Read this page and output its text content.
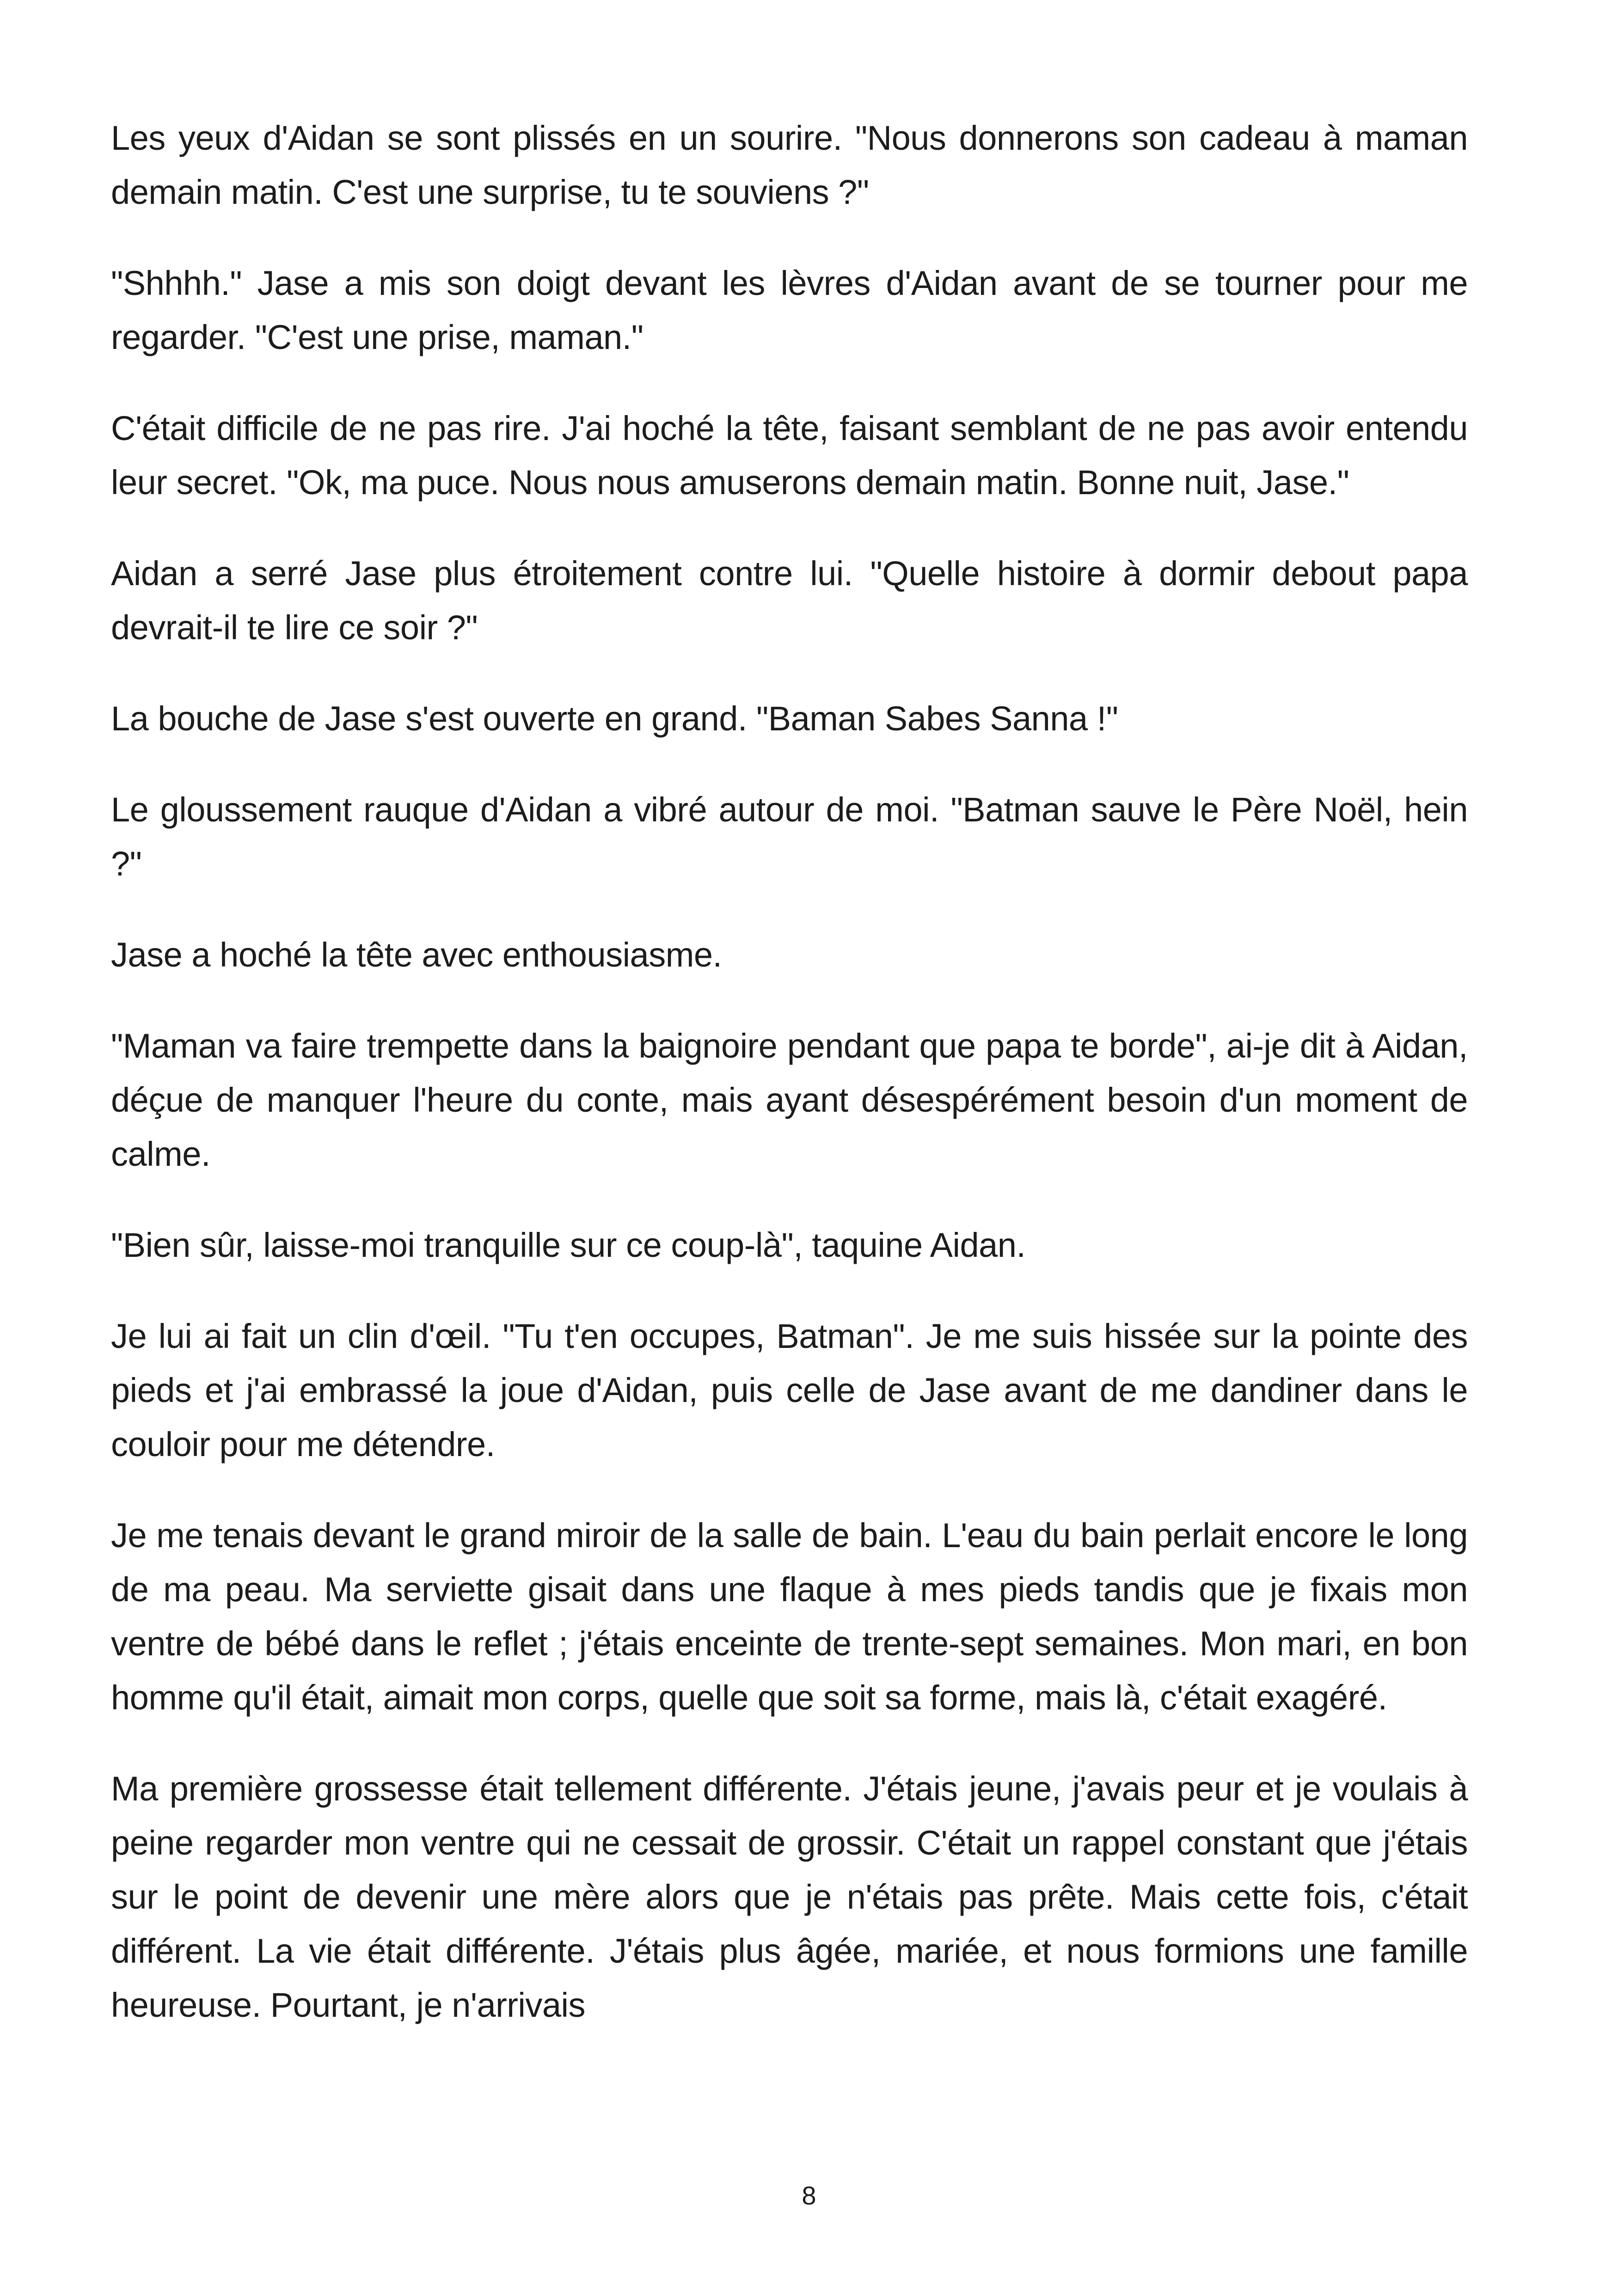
Les yeux d'Aidan se sont plissés en un sourire. "Nous donnerons son cadeau à maman demain matin. C'est une surprise, tu te souviens ?"

"Shhhh." Jase a mis son doigt devant les lèvres d'Aidan avant de se tourner pour me regarder. "C'est une prise, maman."

C'était difficile de ne pas rire. J'ai hoché la tête, faisant semblant de ne pas avoir entendu leur secret. "Ok, ma puce. Nous nous amuserons demain matin. Bonne nuit, Jase."

Aidan a serré Jase plus étroitement contre lui. "Quelle histoire à dormir debout papa devrait-il te lire ce soir ?"

La bouche de Jase s'est ouverte en grand. "Baman Sabes Sanna !"

Le gloussement rauque d'Aidan a vibré autour de moi. "Batman sauve le Père Noël, hein ?"

Jase a hoché la tête avec enthousiasme.

"Maman va faire trempette dans la baignoire pendant que papa te borde", ai-je dit à Aidan, déçue de manquer l'heure du conte, mais ayant désespérément besoin d'un moment de calme.

"Bien sûr, laisse-moi tranquille sur ce coup-là", taquine Aidan.

Je lui ai fait un clin d'œil. "Tu t'en occupes, Batman". Je me suis hissée sur la pointe des pieds et j'ai embrassé la joue d'Aidan, puis celle de Jase avant de me dandiner dans le couloir pour me détendre.

Je me tenais devant le grand miroir de la salle de bain. L'eau du bain perlait encore le long de ma peau. Ma serviette gisait dans une flaque à mes pieds tandis que je fixais mon ventre de bébé dans le reflet ; j'étais enceinte de trente-sept semaines. Mon mari, en bon homme qu'il était, aimait mon corps, quelle que soit sa forme, mais là, c'était exagéré.

Ma première grossesse était tellement différente. J'étais jeune, j'avais peur et je voulais à peine regarder mon ventre qui ne cessait de grossir. C'était un rappel constant que j'étais sur le point de devenir une mère alors que je n'étais pas prête. Mais cette fois, c'était différent. La vie était différente. J'étais plus âgée, mariée, et nous formions une famille heureuse. Pourtant, je n'arrivais

8
